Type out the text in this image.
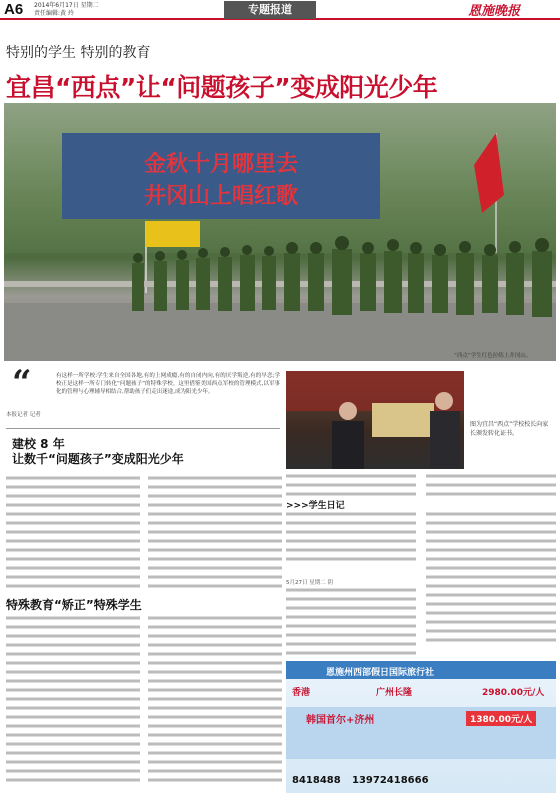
A6 2014年6月17日 星期二
责任编辑:黄 玲	专题报道	恩施晚报
特别的学生 特别的教育
宜昌“西点”让“问题孩子”变成阳光少年
金秋十月哪里去
井冈山上唱红歌
“西点”学生红色拉练上井冈山。
“	有这样一所学校:学生来自全国各地,有的上网成瘾,有的自闭内向,有的厌学叛逆,有的早恋;学校正是这样一所专门转化“问题孩子”的特殊学校。这里借鉴美国西点军校的管理模式,以军事化的管理与心理辅导相结合,帮助孩子们走出迷途,成为阳光少年。
本报记者 记者
建校 8 年
让数千“问题孩子”变成阳光少年
特殊教育“矫正”特殊学生
图为宜昌“西点”学校校长向家长颁发转化证书。
>>>学生日记
5月27日 星期二 阴
恩施州西部假日国际旅行社
香港	广州长隆	2980.00元/人
韩国首尔+济州	1380.00元/人
8418488 13972418666
